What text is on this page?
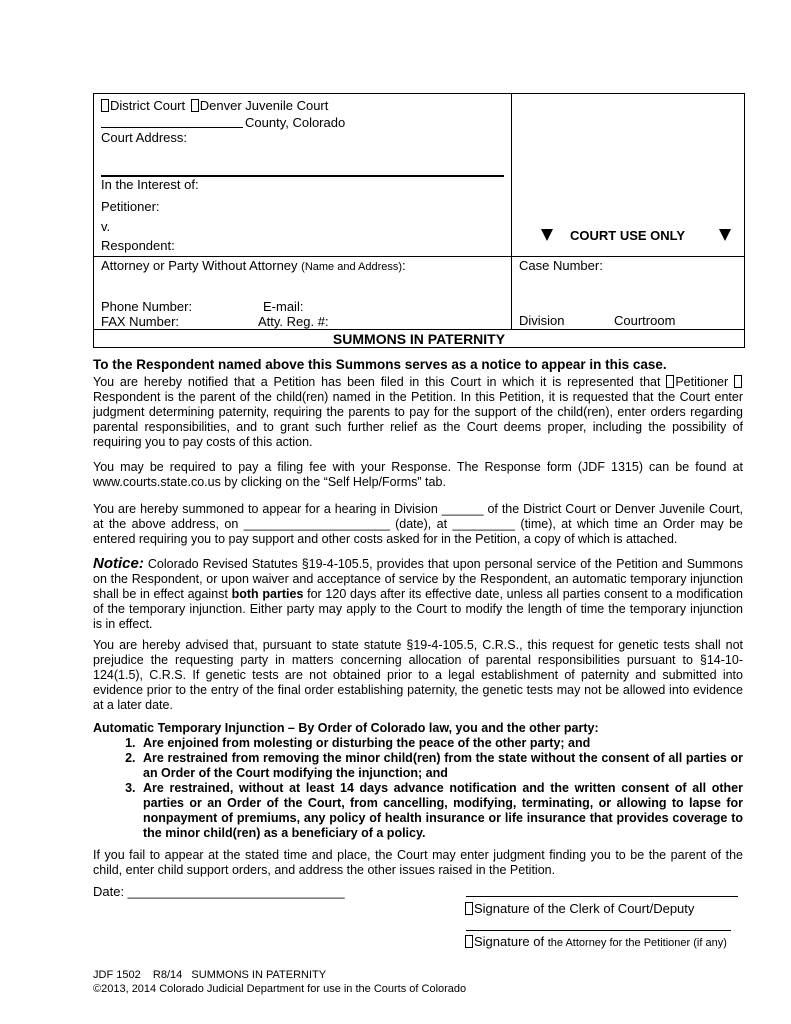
District Court Denver Juvenile Court
County, Colorado
Court Address:
In the Interest of:
Petitioner:
v.
Respondent:
COURT USE ONLY
Attorney or Party Without Attorney (Name and Address):
Phone Number:	E-mail:
FAX Number:	Atty. Reg. #:
Case Number:
Division	Courtroom
SUMMONS IN PATERNITY
To the Respondent named above this Summons serves as a notice to appear in this case.
You are hereby notified that a Petition has been filed in this Court in which it is represented that Petitioner Respondent is the parent of the child(ren) named in the Petition. In this Petition, it is requested that the Court enter judgment determining paternity, requiring the parents to pay for the support of the child(ren), enter orders regarding parental responsibilities, and to grant such further relief as the Court deems proper, including the possibility of requiring you to pay costs of this action.
You may be required to pay a filing fee with your Response. The Response form (JDF 1315) can be found at www.courts.state.co.us by clicking on the “Self Help/Forms” tab.
You are hereby summoned to appear for a hearing in Division ______ of the District Court or Denver Juvenile Court, at the above address, on _____________________ (date), at _________ (time), at which time an Order may be entered requiring you to pay support and other costs asked for in the Petition, a copy of which is attached.
Notice: Colorado Revised Statutes §19-4-105.5, provides that upon personal service of the Petition and Summons on the Respondent, or upon waiver and acceptance of service by the Respondent, an automatic temporary injunction shall be in effect against both parties for 120 days after its effective date, unless all parties consent to a modification of the temporary injunction. Either party may apply to the Court to modify the length of time the temporary injunction is in effect.
You are hereby advised that, pursuant to state statute §19-4-105.5, C.R.S., this request for genetic tests shall not prejudice the requesting party in matters concerning allocation of parental responsibilities pursuant to §14-10-124(1.5), C.R.S. If genetic tests are not obtained prior to a legal establishment of paternity and submitted into evidence prior to the entry of the final order establishing paternity, the genetic tests may not be allowed into evidence at a later date.
Automatic Temporary Injunction – By Order of Colorado law, you and the other party:
1. Are enjoined from molesting or disturbing the peace of the other party; and
2. Are restrained from removing the minor child(ren) from the state without the consent of all parties or an Order of the Court modifying the injunction; and
3. Are restrained, without at least 14 days advance notification and the written consent of all other parties or an Order of the Court, from cancelling, modifying, terminating, or allowing to lapse for nonpayment of premiums, any policy of health insurance or life insurance that provides coverage to the minor child(ren) as a beneficiary of a policy.
If you fail to appear at the stated time and place, the Court may enter judgment finding you to be the parent of the child, enter child support orders, and address the other issues raised in the Petition.
Date: ______________________________
Signature of the Clerk of Court/Deputy
Signature of the Attorney for the Petitioner (if any)
JDF 1502    R8/14   SUMMONS IN PATERNITY
©2013, 2014 Colorado Judicial Department for use in the Courts of Colorado
